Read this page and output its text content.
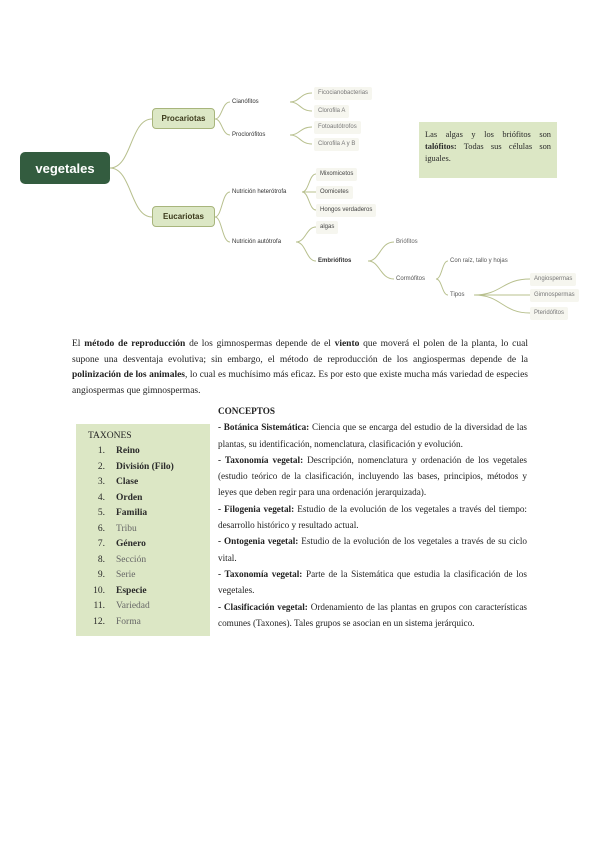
vegetales
Procariotas
Eucariotas
Cianófitos
Proclorófitos
Ficocianobacterias
Clorofila A
Fotoautótrofos
Clorofila A y B
Nutrición heterótrofa
Nutrición autótrofa
Mixomicetos
Oomicetes
Hongos verdaderos
algas
Embriófitos
Briófitos
Cormófitos
Con raíz, tallo y hojas
Tipos
Angiospermas
Gimnospermas
Pteridófitos
Las algas y los briófitos son talófitos: Todas sus células son iguales.

El método de reproducción de los gimnospermas depende de el viento que moverá el polen de la planta, lo cual supone una desventaja evolutiva; sin embargo, el método de reproducción de los angiospermas depende de la polinización de los animales, lo cual es muchísimo más eficaz. Es por esto que existe mucha más variedad de especies angiospermas que gimnospermas.

TAXONES
1.	Reino
2.	División (Filo)
3.	Clase
4.	Orden
5.	Familia
6.	Tribu
7.	Género
8.	Sección
9.	Serie
10.	Especie
11.	Variedad
12.	Forma

CONCEPTOS

- Botánica Sistemática: Ciencia que se encarga del estudio de la diversidad de las plantas, su identificación, nomenclatura, clasificación y evolución.

- Taxonomía vegetal: Descripción, nomenclatura y ordenación de los vegetales (estudio teórico de la clasificación, incluyendo las bases, principios, métodos y leyes que deben regir para una ordenación jerarquizada).

- Filogenia vegetal: Estudio de la evolución de los vegetales a través del tiempo: desarrollo histórico y resultado actual.

- Ontogenia vegetal: Estudio de la evolución de los vegetales a través de su ciclo vital.

- Taxonomía vegetal: Parte de la Sistemática que estudia la clasificación de los vegetales.

- Clasificación vegetal: Ordenamiento de las plantas en grupos con características comunes (Taxones). Tales grupos se asocian en un sistema jerárquico.
